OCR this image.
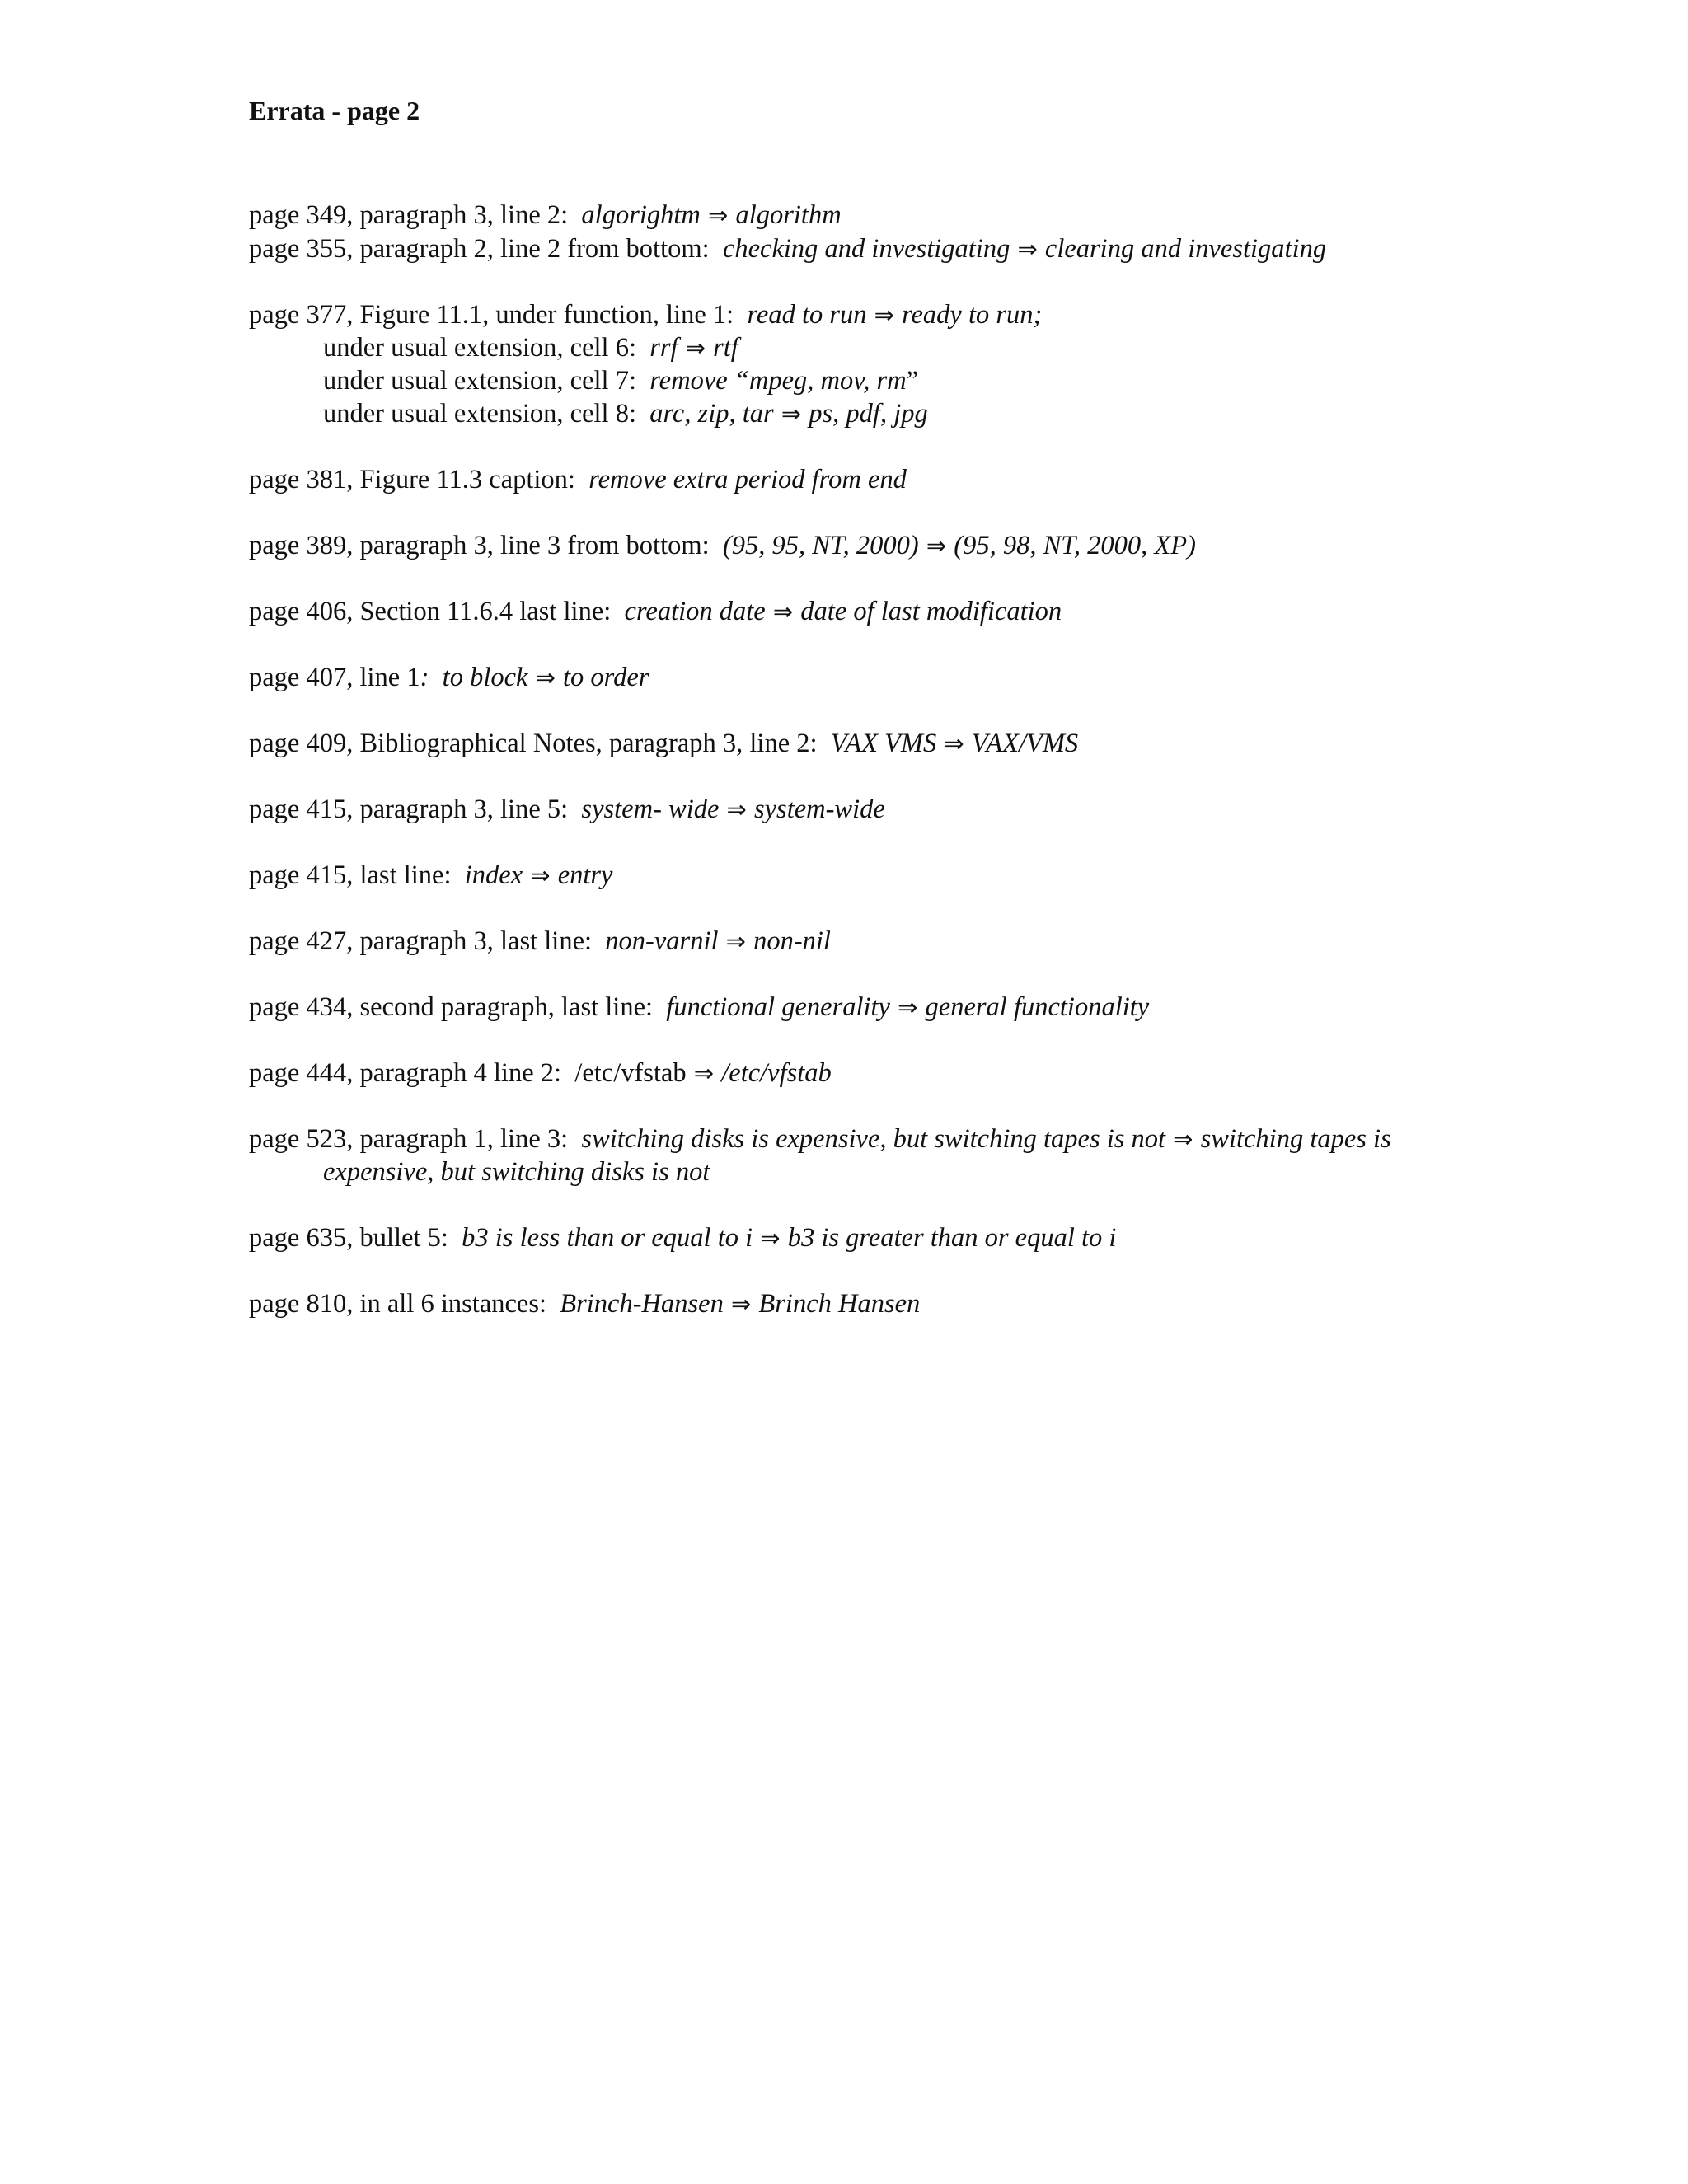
Errata - page 2
page 349, paragraph 3, line 2: algorightm ⇒ algorithm
page 355, paragraph 2, line 2 from bottom: checking and investigating ⇒ clearing and investigating
page 377, Figure 11.1, under function, line 1: read to run ⇒ ready to run;
under usual extension, cell 6: rrf ⇒ rtf
under usual extension, cell 7: remove “mpeg, mov, rm”
under usual extension, cell 8: arc, zip, tar ⇒ ps, pdf, jpg
page 381, Figure 11.3 caption: remove extra period from end
page 389, paragraph 3, line 3 from bottom: (95, 95, NT, 2000) ⇒ (95, 98, NT, 2000, XP)
page 406, Section 11.6.4 last line: creation date ⇒ date of last modification
page 407, line 1: to block ⇒ to order
page 409, Bibliographical Notes, paragraph 3, line 2: VAX VMS ⇒ VAX/VMS
page 415, paragraph 3, line 5: system- wide ⇒ system-wide
page 415, last line: index ⇒ entry
page 427, paragraph 3, last line: non-varnil ⇒ non-nil
page 434, second paragraph, last line: functional generality ⇒ general functionality
page 444, paragraph 4 line 2: /etc/vfstab ⇒ /etc/vfstab
page 523, paragraph 1, line 3: switching disks is expensive, but switching tapes is not ⇒ switching tapes is
expensive, but switching disks is not
page 635, bullet 5: b3 is less than or equal to i ⇒ b3 is greater than or equal to i
page 810, in all 6 instances: Brinch-Hansen ⇒ Brinch Hansen
